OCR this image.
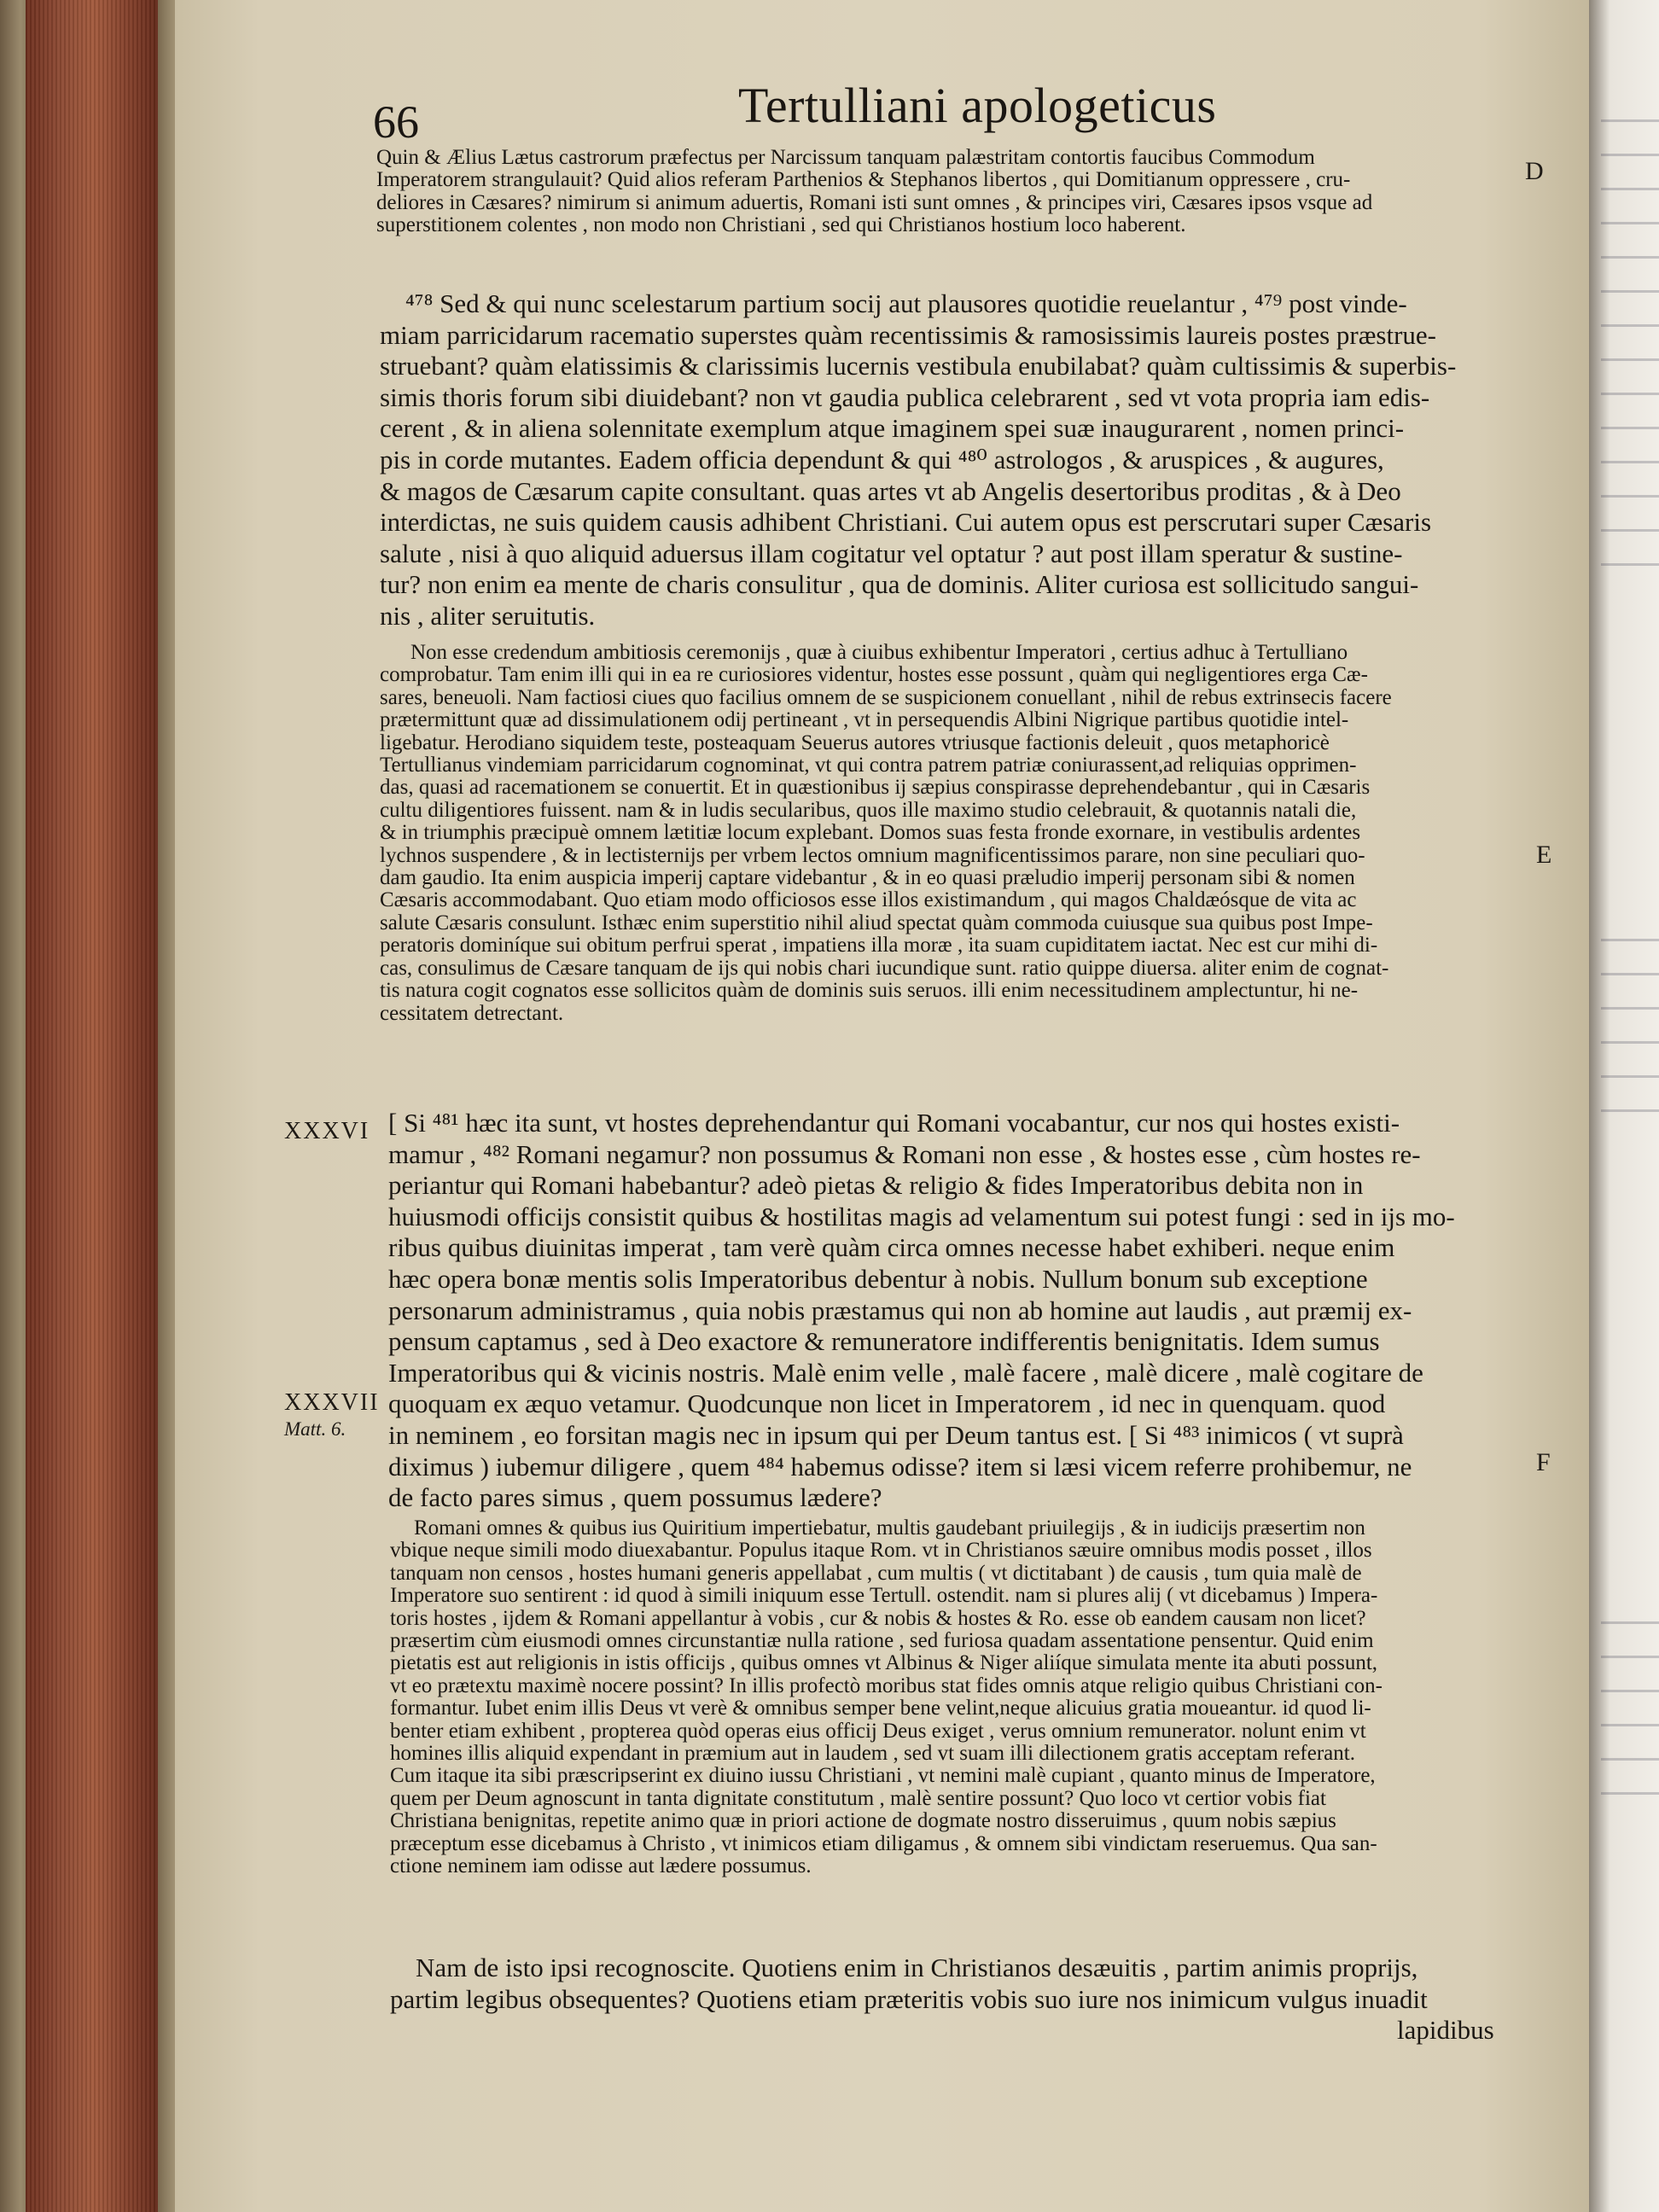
66	Tertulliani apologeticus
D
E
F
XXXVI
XXXVII
Matt. 6.
Quin & Ælius Lætus castrorum præfectus per Narcissum tanquam palæstritam contortis faucibus Commodum
Imperatorem strangulauit? Quid alios referam Parthenios & Stephanos libertos , qui Domitianum oppressere , cru-
deliores in Cæsares? nimirum si animum aduertis, Romani isti sunt omnes , & principes viri, Cæsares ipsos vsque ad
superstitionem colentes , non modo non Christiani , sed qui Christianos hostium loco haberent.
⁴⁷⁸ Sed & qui nunc scelestarum partium socij aut plausores quotidie reuelantur , ⁴⁷⁹ post vinde-
miam parricidarum racematio superstes quàm recentissimis & ramosissimis laureis postes præstrue-
struebant? quàm elatissimis & clarissimis lucernis vestibula enubilabat? quàm cultissimis & superbis-
simis thoris forum sibi diuidebant? non vt gaudia publica celebrarent , sed vt vota propria iam edis-
cerent , & in aliena solennitate exemplum atque imaginem spei suæ inaugurarent , nomen princi-
pis in corde mutantes. Eadem officia dependunt & qui ⁴⁸⁰ astrologos , & aruspices , & augures,
& magos de Cæsarum capite consultant. quas artes vt ab Angelis desertoribus proditas , & à Deo
interdictas, ne suis quidem causis adhibent Christiani. Cui autem opus est perscrutari super Cæsaris
salute , nisi à quo aliquid aduersus illam cogitatur vel optatur ? aut post illam speratur & sustine-
tur? non enim ea mente de charis consulitur , qua de dominis. Aliter curiosa est sollicitudo sangui-
nis , aliter seruitutis.
Non esse credendum ambitiosis ceremonijs , quæ à ciuibus exhibentur Imperatori , certius adhuc à Tertulliano
comprobatur. Tam enim illi qui in ea re curiosiores videntur, hostes esse possunt , quàm qui negligentiores erga Cæ-
sares, beneuoli. Nam factiosi ciues quo facilius omnem de se suspicionem conuellant , nihil de rebus extrinsecis facere
prætermittunt quæ ad dissimulationem odij pertineant , vt in persequendis Albini Nigrique partibus quotidie intel-
ligebatur. Herodiano siquidem teste, posteaquam Seuerus autores vtriusque factionis deleuit , quos metaphoricè
Tertullianus vindemiam parricidarum cognominat, vt qui contra patrem patriæ coniurassent,ad reliquias opprimen-
das, quasi ad racemationem se conuertit. Et in quæstionibus ij sæpius conspirasse deprehendebantur , qui in Cæsaris
cultu diligentiores fuissent. nam & in ludis secularibus, quos ille maximo studio celebrauit, & quotannis natali die,
& in triumphis præcipuè omnem lætitiæ locum explebant. Domos suas festa fronde exornare, in vestibulis ardentes
lychnos suspendere , & in lectisternijs per vrbem lectos omnium magnificentissimos parare, non sine peculiari quo-
dam gaudio. Ita enim auspicia imperij captare videbantur , & in eo quasi præludio imperij personam sibi & nomen
Cæsaris accommodabant. Quo etiam modo officiosos esse illos existimandum , qui magos Chaldæósque de vita ac
salute Cæsaris consulunt. Isthæc enim superstitio nihil aliud spectat quàm commoda cuiusque sua quibus post Impe-
peratoris dominíque sui obitum perfrui sperat , impatiens illa moræ , ita suam cupiditatem iactat. Nec est cur mihi di-
cas, consulimus de Cæsare tanquam de ijs qui nobis chari iucundique sunt. ratio quippe diuersa. aliter enim de cognat-
tis natura cogit cognatos esse sollicitos quàm de dominis suis seruos. illi enim necessitudinem amplectuntur, hi ne-
cessitatem detrectant.
[ Si ⁴⁸¹ hæc ita sunt, vt hostes deprehendantur qui Romani vocabantur, cur nos qui hostes existi-
mamur , ⁴⁸² Romani negamur? non possumus & Romani non esse , & hostes esse , cùm hostes re-
periantur qui Romani habebantur? adeò pietas & religio & fides Imperatoribus debita non in
huiusmodi officijs consistit quibus & hostilitas magis ad velamentum sui potest fungi : sed in ijs mo-
ribus quibus diuinitas imperat , tam verè quàm circa omnes necesse habet exhiberi. neque enim
hæc opera bonæ mentis solis Imperatoribus debentur à nobis. Nullum bonum sub exceptione
personarum administramus , quia nobis præstamus qui non ab homine aut laudis , aut præmij ex-
pensum captamus , sed à Deo exactore & remuneratore indifferentis benignitatis. Idem sumus
Imperatoribus qui & vicinis nostris. Malè enim velle , malè facere , malè dicere , malè cogitare de
quoquam ex æquo vetamur. Quodcunque non licet in Imperatorem , id nec in quenquam. quod
in neminem , eo forsitan magis nec in ipsum qui per Deum tantus est. [ Si ⁴⁸³ inimicos ( vt suprà
diximus ) iubemur diligere , quem ⁴⁸⁴ habemus odisse? item si læsi vicem referre prohibemur, ne
de facto pares simus , quem possumus lædere?
Romani omnes & quibus ius Quiritium impertiebatur, multis gaudebant priuilegijs , & in iudicijs præsertim non
vbique neque simili modo diuexabantur. Populus itaque Rom. vt in Christianos sæuire omnibus modis posset , illos
tanquam non censos , hostes humani generis appellabat , cum multis ( vt dictitabant ) de causis , tum quia malè de
Imperatore suo sentirent : id quod à simili iniquum esse Tertull. ostendit. nam si plures alij ( vt dicebamus ) Impera-
toris hostes , ijdem & Romani appellantur à vobis , cur & nobis & hostes & Ro. esse ob eandem causam non licet?
præsertim cùm eiusmodi omnes circunstantiæ nulla ratione , sed furiosa quadam assentatione pensentur. Quid enim
pietatis est aut religionis in istis officijs , quibus omnes vt Albinus & Niger aliíque simulata mente ita abuti possunt,
vt eo prætextu maximè nocere possint? In illis profectò moribus stat fides omnis atque religio quibus Christiani con-
formantur. Iubet enim illis Deus vt verè & omnibus semper bene velint,neque alicuius gratia moueantur. id quod li-
benter etiam exhibent , propterea quòd operas eius officij Deus exiget , verus omnium remunerator. nolunt enim vt
homines illis aliquid expendant in præmium aut in laudem , sed vt suam illi dilectionem gratis acceptam referant.
Cum itaque ita sibi præscripserint ex diuino iussu Christiani , vt nemini malè cupiant , quanto minus de Imperatore,
quem per Deum agnoscunt in tanta dignitate constitutum , malè sentire possunt? Quo loco vt certior vobis fiat
Christiana benignitas, repetite animo quæ in priori actione de dogmate nostro disseruimus , quum nobis sæpius
præceptum esse dicebamus à Christo , vt inimicos etiam diligamus , & omnem sibi vindictam reseruemus. Qua san-
ctione neminem iam odisse aut lædere possumus.
Nam de isto ipsi recognoscite. Quotiens enim in Christianos desæuitis , partim animis proprijs,
partim legibus obsequentes? Quotiens etiam præteritis vobis suo iure nos inimicum vulgus inuadit
lapidibus
